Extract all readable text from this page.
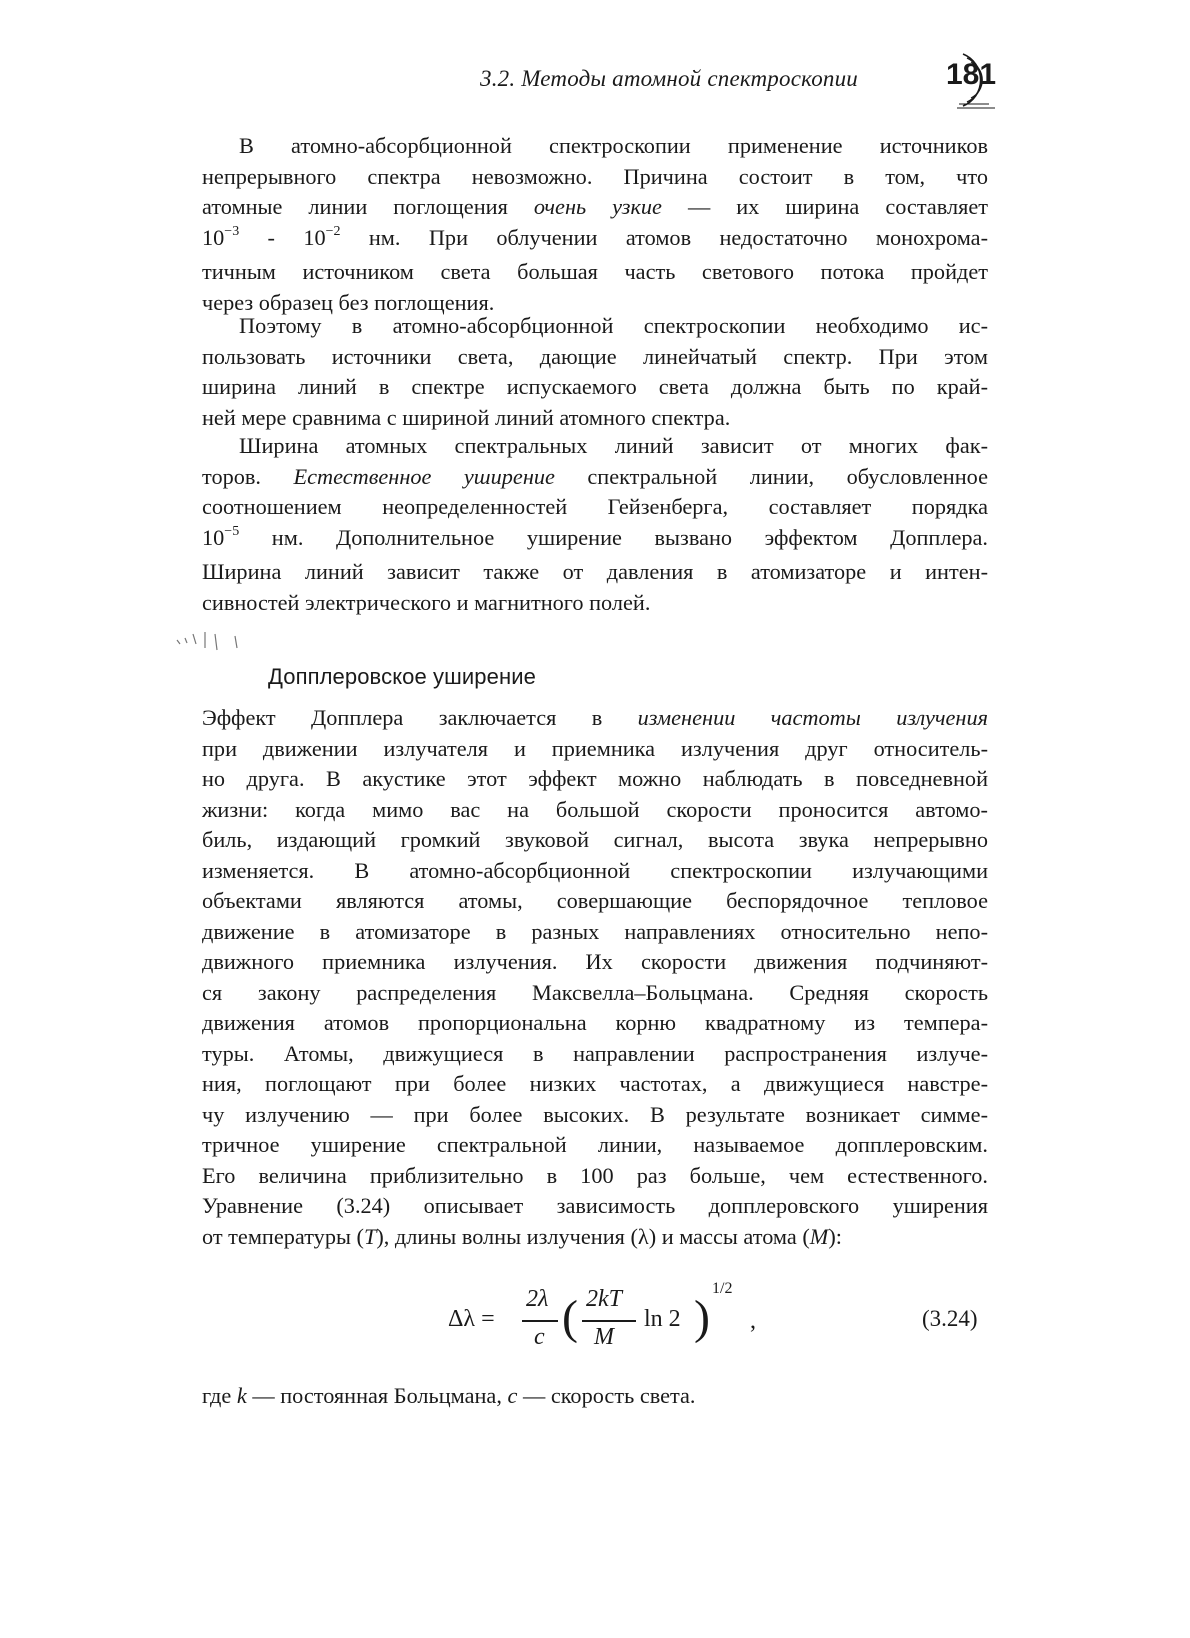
3.2. Методы атомной спектроскопии	181
В атомно-абсорбционной спектроскопии применение источников
непрерывного спектра невозможно. Причина состоит в том, что
атомные линии поглощения очень узкие — их ширина составляет
$10^{-3} - 10^{-2}$ нм. При облучении атомов недостаточно монохрома-
тичным источником света большая часть светового потока пройдет
через образец без поглощения.
Поэтому в атомно-абсорбционной спектроскопии необходимо ис-
пользовать источники света, дающие линейчатый спектр. При этом
ширина линий в спектре испускаемого света должна быть по край-
ней мере сравнима с шириной линий атомного спектра.
Ширина атомных спектральных линий зависит от многих фак-
торов. Естественное уширение спектральной линии, обусловленное
соотношением неопределенностей Гейзенберга, составляет порядка
$10^{-5}$ нм. Дополнительное уширение вызвано эффектом Допплера.
Ширина линий зависит также от давления в атомизаторе и интен-
сивностей электрического и магнитного полей.
Допплеровское уширение
Эффект Допплера заключается в изменении частоты излучения
при движении излучателя и приемника излучения друг относитель-
но друга. В акустике этот эффект можно наблюдать в повседневной
жизни: когда мимо вас на большой скорости проносится автомо-
биль, издающий громкий звуковой сигнал, высота звука непрерывно
изменяется. В атомно-абсорбционной спектроскопии излучающими
объектами являются атомы, совершающие беспорядочное тепловое
движение в атомизаторе в разных направлениях относительно непо-
движного приемника излучения. Их скорости движения подчиняют-
ся закону распределения Максвелла–Больцмана. Средняя скорость
движения атомов пропорциональна корню квадратному из темпера-
туры. Атомы, движущиеся в направлении распространения излуче-
ния, поглощают при более низких частотах, а движущиеся навстре-
чу излучению — при более высоких. В результате возникает симме-
тричное уширение спектральной линии, называемое допплеровским.
Его величина приблизительно в 100 раз больше, чем естественного.
Уравнение (3.24) описывает зависимость допплеровского уширения
от температуры (T), длины волны излучения (λ) и массы атома (M):
Δλ =
2λ
c ( 2kT
M
ln 2 )
1/2
,	(3.24)
где k — постоянная Больцмана, c — скорость света.
